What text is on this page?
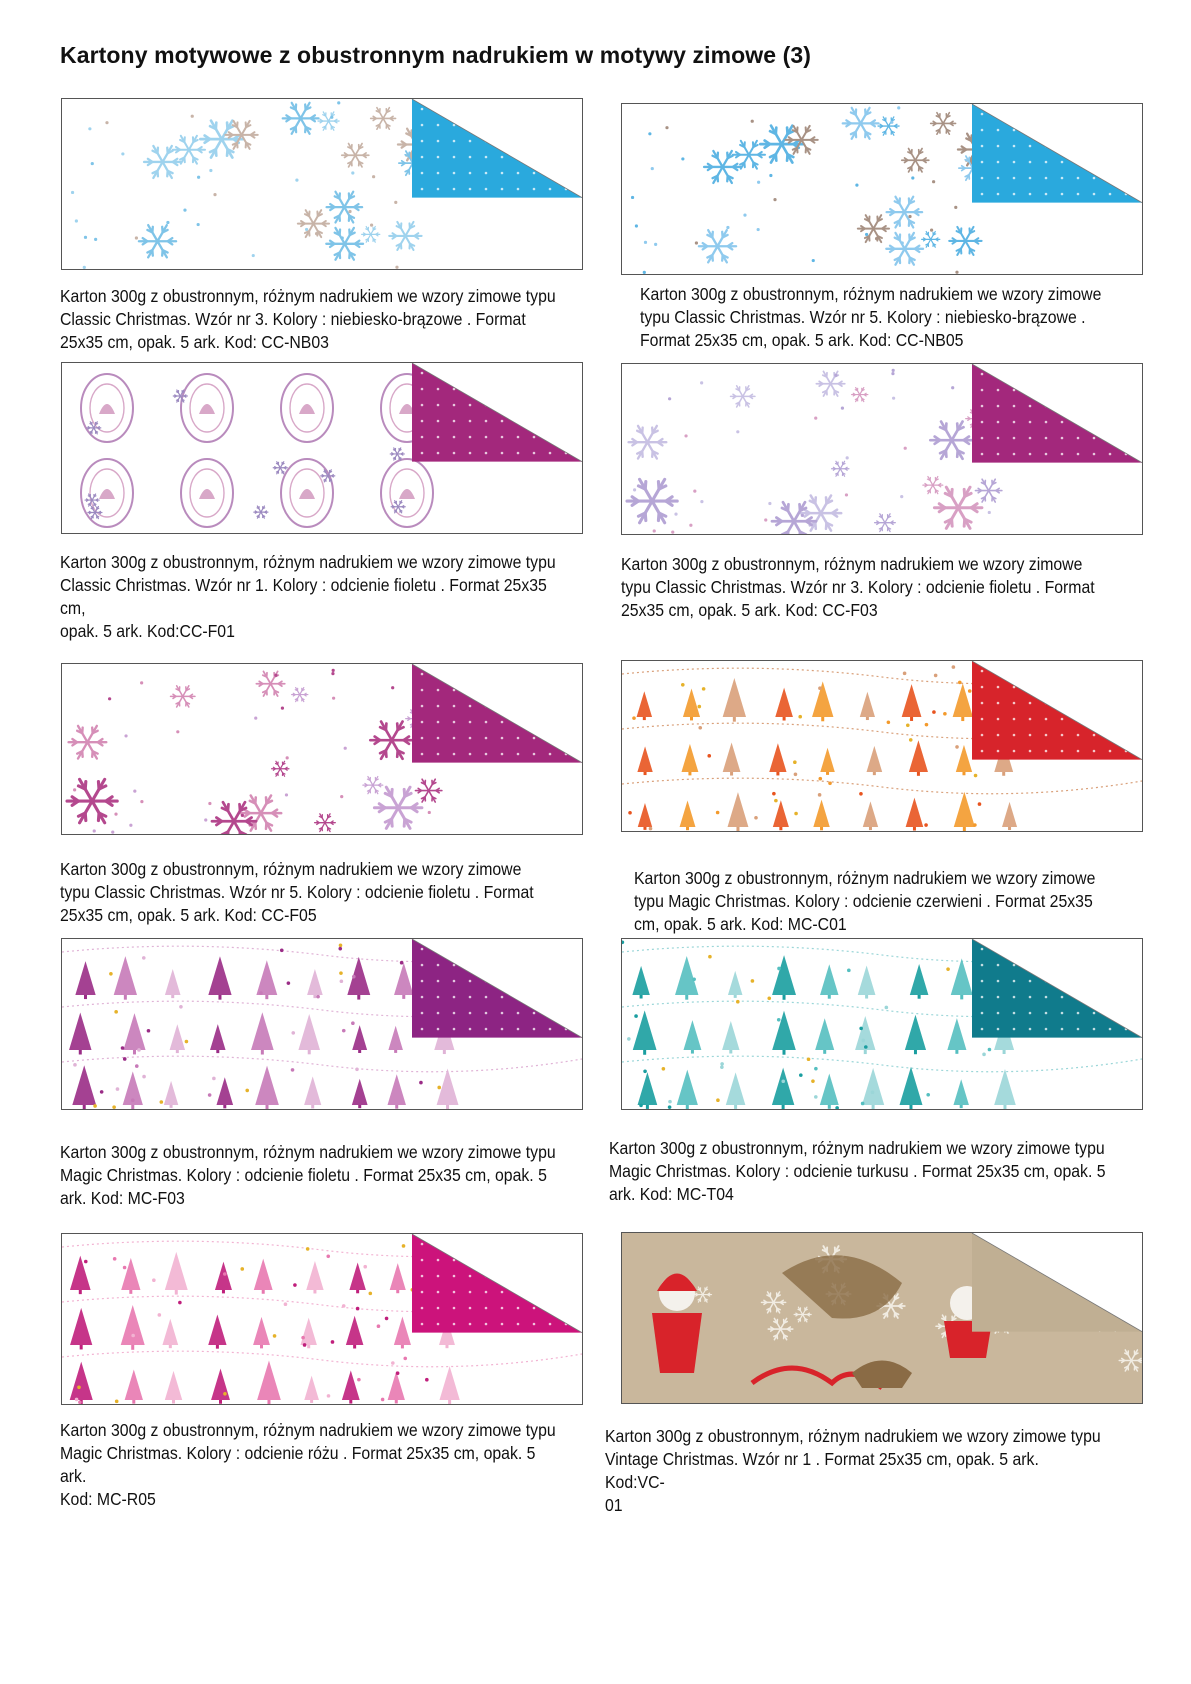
Kartony motywowe z obustronnym nadrukiem w motywy zimowe (3)
Karton 300g z obustronnym, różnym nadrukiem we wzory zimowe typu
Classic Christmas. Wzór nr 3. Kolory : niebiesko-brązowe . Format
25x35 cm, opak. 5 ark. Kod: CC-NB03
Karton 300g z obustronnym, różnym nadrukiem we wzory zimowe
typu Classic Christmas. Wzór nr 5. Kolory : niebiesko-brązowe .
Format 25x35 cm, opak. 5 ark. Kod: CC-NB05
Karton 300g z obustronnym, różnym nadrukiem we wzory zimowe typu
Classic Christmas. Wzór nr 1. Kolory : odcienie fioletu . Format 25x35 cm,
opak. 5 ark. Kod:CC-F01
Karton 300g z obustronnym, różnym nadrukiem we wzory zimowe
typu Classic Christmas. Wzór nr 3. Kolory : odcienie fioletu . Format
25x35 cm, opak. 5 ark. Kod: CC-F03
Karton 300g z obustronnym, różnym nadrukiem we wzory zimowe
typu Classic Christmas. Wzór nr 5. Kolory : odcienie fioletu . Format
25x35 cm, opak. 5 ark. Kod: CC-F05
Karton 300g z obustronnym, różnym nadrukiem we wzory zimowe
typu Magic Christmas. Kolory : odcienie czerwieni . Format 25x35
cm, opak. 5 ark. Kod: MC-C01
Karton 300g z obustronnym, różnym nadrukiem we wzory zimowe typu
Magic Christmas. Kolory : odcienie fioletu . Format 25x35 cm, opak. 5
ark. Kod: MC-F03
Karton 300g z obustronnym, różnym nadrukiem we wzory zimowe typu
Magic Christmas. Kolory : odcienie turkusu . Format 25x35 cm, opak. 5
ark. Kod: MC-T04
Karton 300g z obustronnym, różnym nadrukiem we wzory zimowe typu
Magic Christmas. Kolory : odcienie różu . Format 25x35 cm, opak. 5 ark.
Kod: MC-R05
Karton 300g z obustronnym, różnym nadrukiem we wzory zimowe typu
Vintage Christmas. Wzór nr 1 . Format 25x35 cm, opak. 5 ark. Kod:VC-
01
